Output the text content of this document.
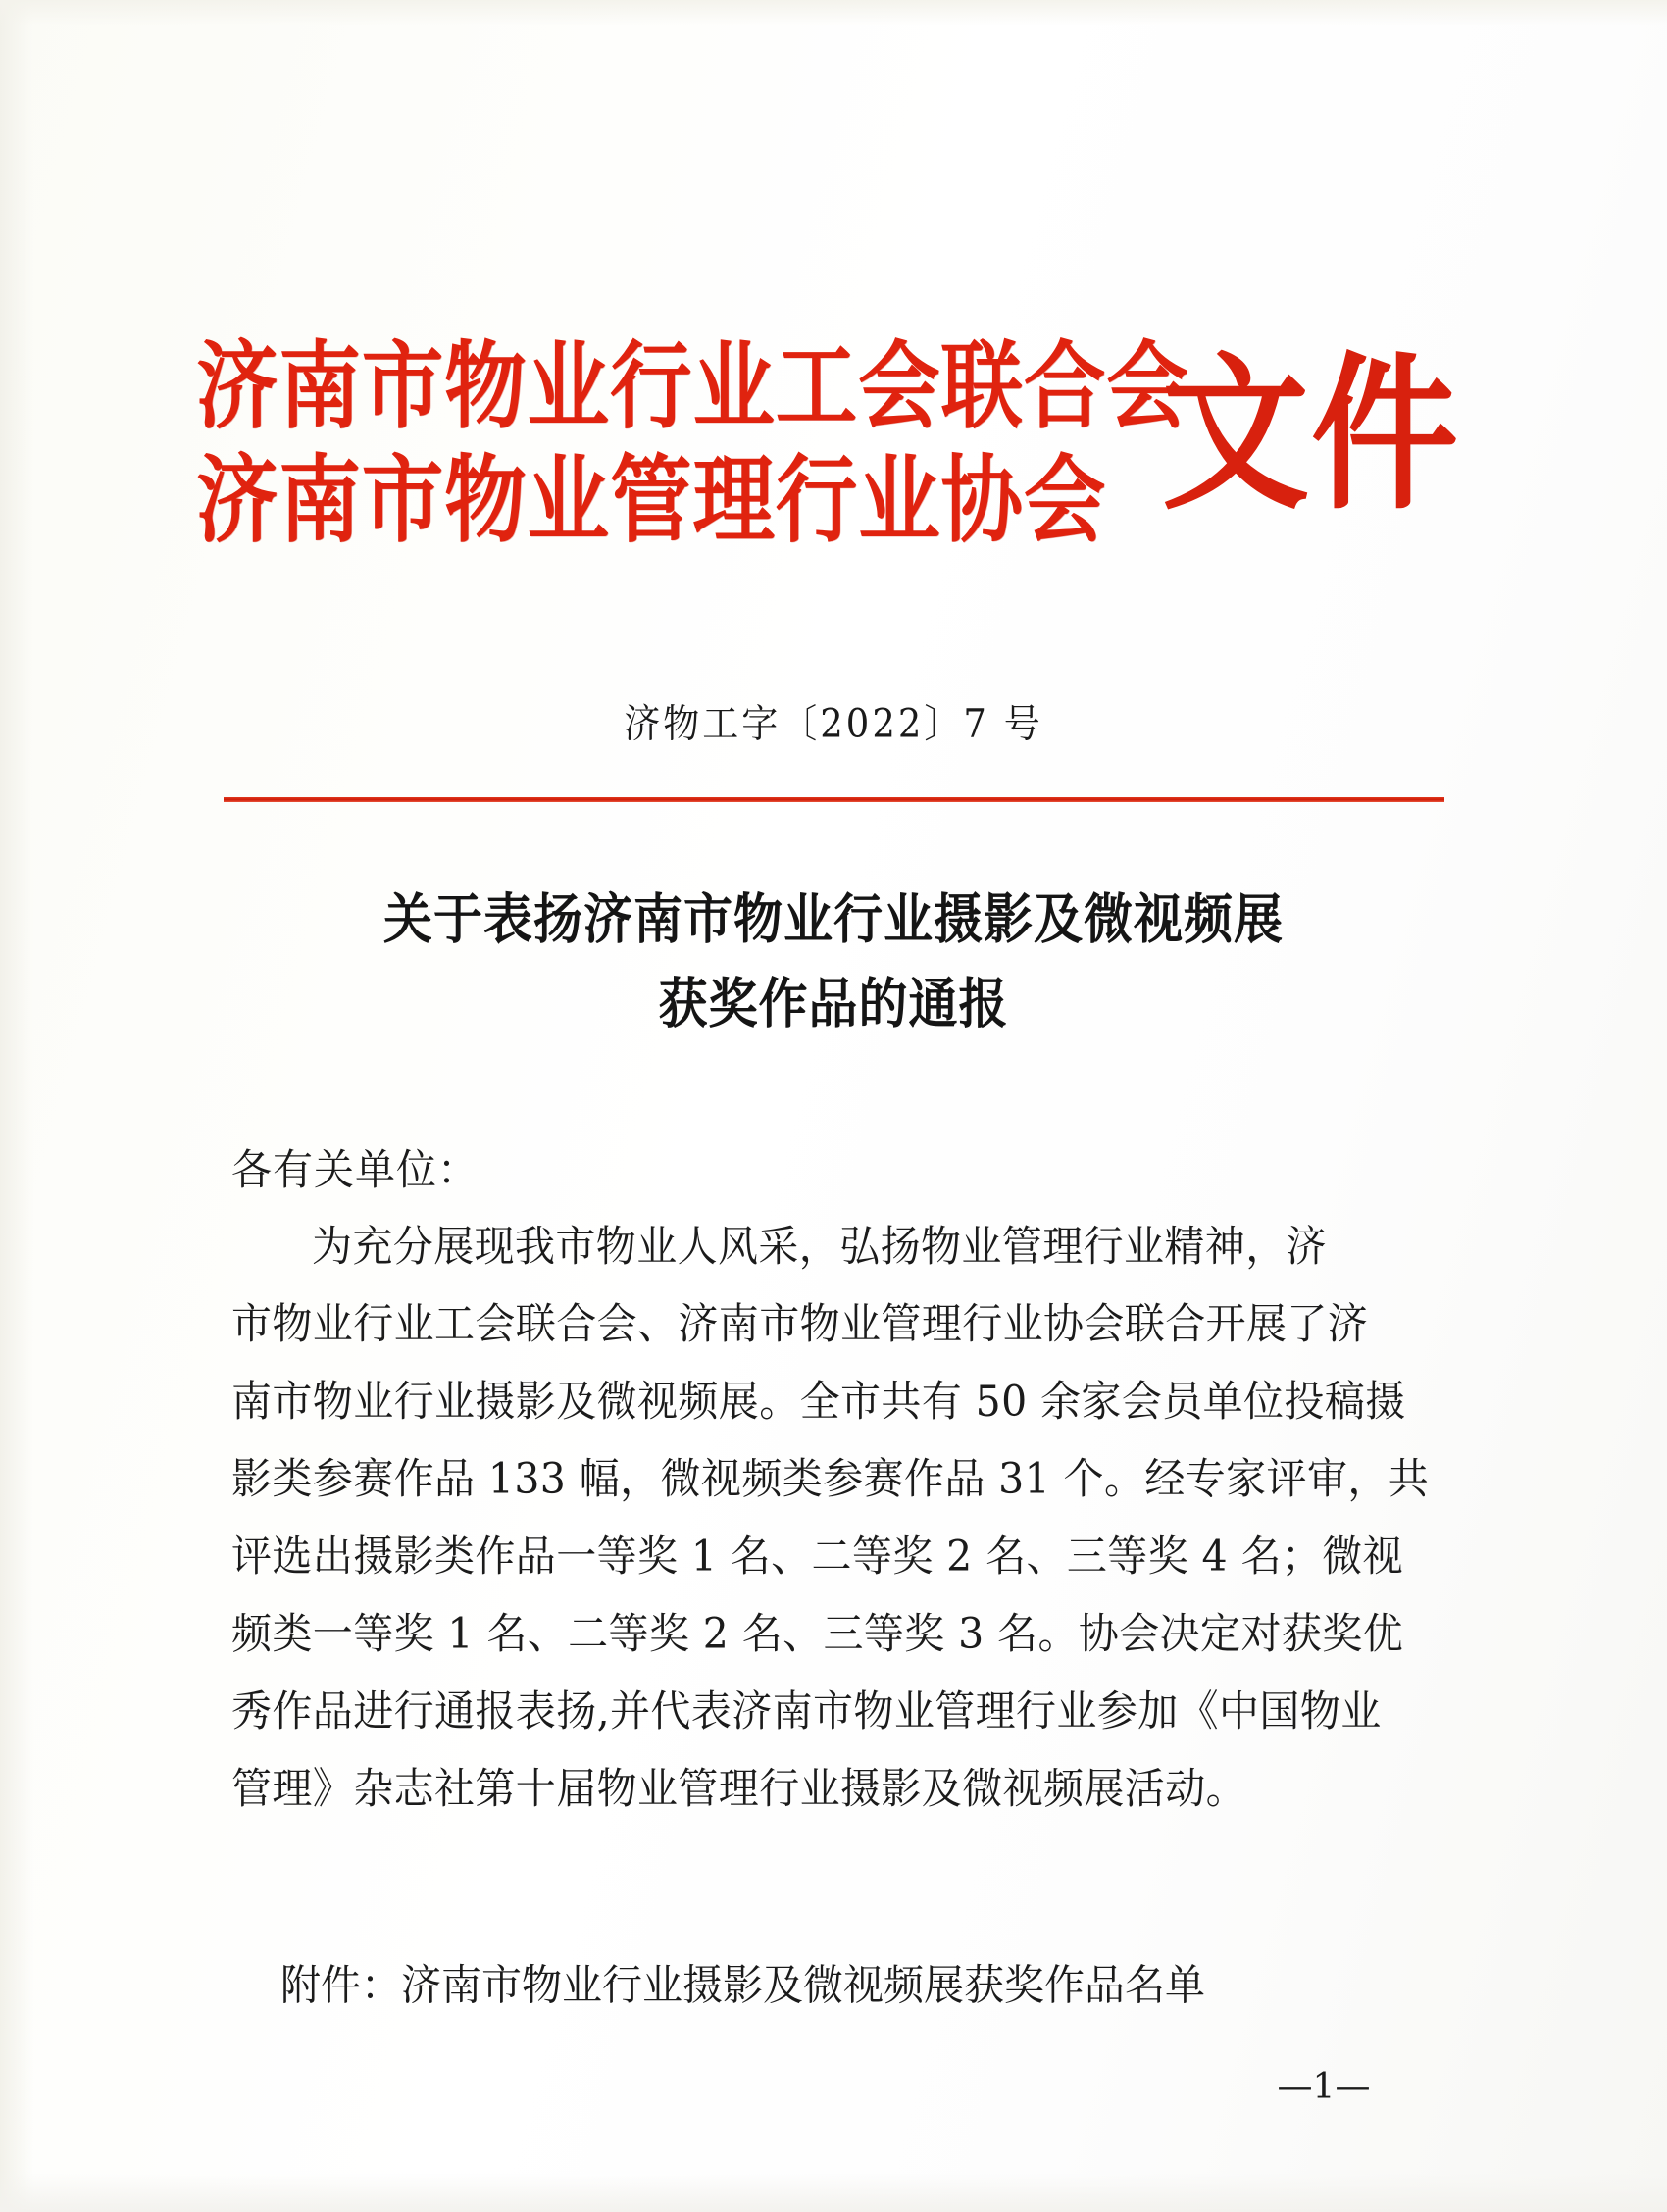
济南市物业行业工会联合会
济南市物业管理行业协会 文件
济物工字〔2022〕7 号
关于表扬济南市物业行业摄影及微视频展
获奖作品的通报
各有关单位：
为充分展现我市物业人风采，弘扬物业管理行业精神，济
市物业行业工会联合会、济南市物业管理行业协会联合开展了济
南市物业行业摄影及微视频展。全市共有 50 余家会员单位投稿摄
影类参赛作品 133 幅，微视频类参赛作品 31 个。经专家评审，共
评选出摄影类作品一等奖 1 名、二等奖 2 名、三等奖 4 名；微视
频类一等奖 1 名、二等奖 2 名、三等奖 3 名。协会决定对获奖优
秀作品进行通报表扬,并代表济南市物业管理行业参加《中国物业
管理》杂志社第十届物业管理行业摄影及微视频展活动。
附件：济南市物业行业摄影及微视频展获奖作品名单
—1—
